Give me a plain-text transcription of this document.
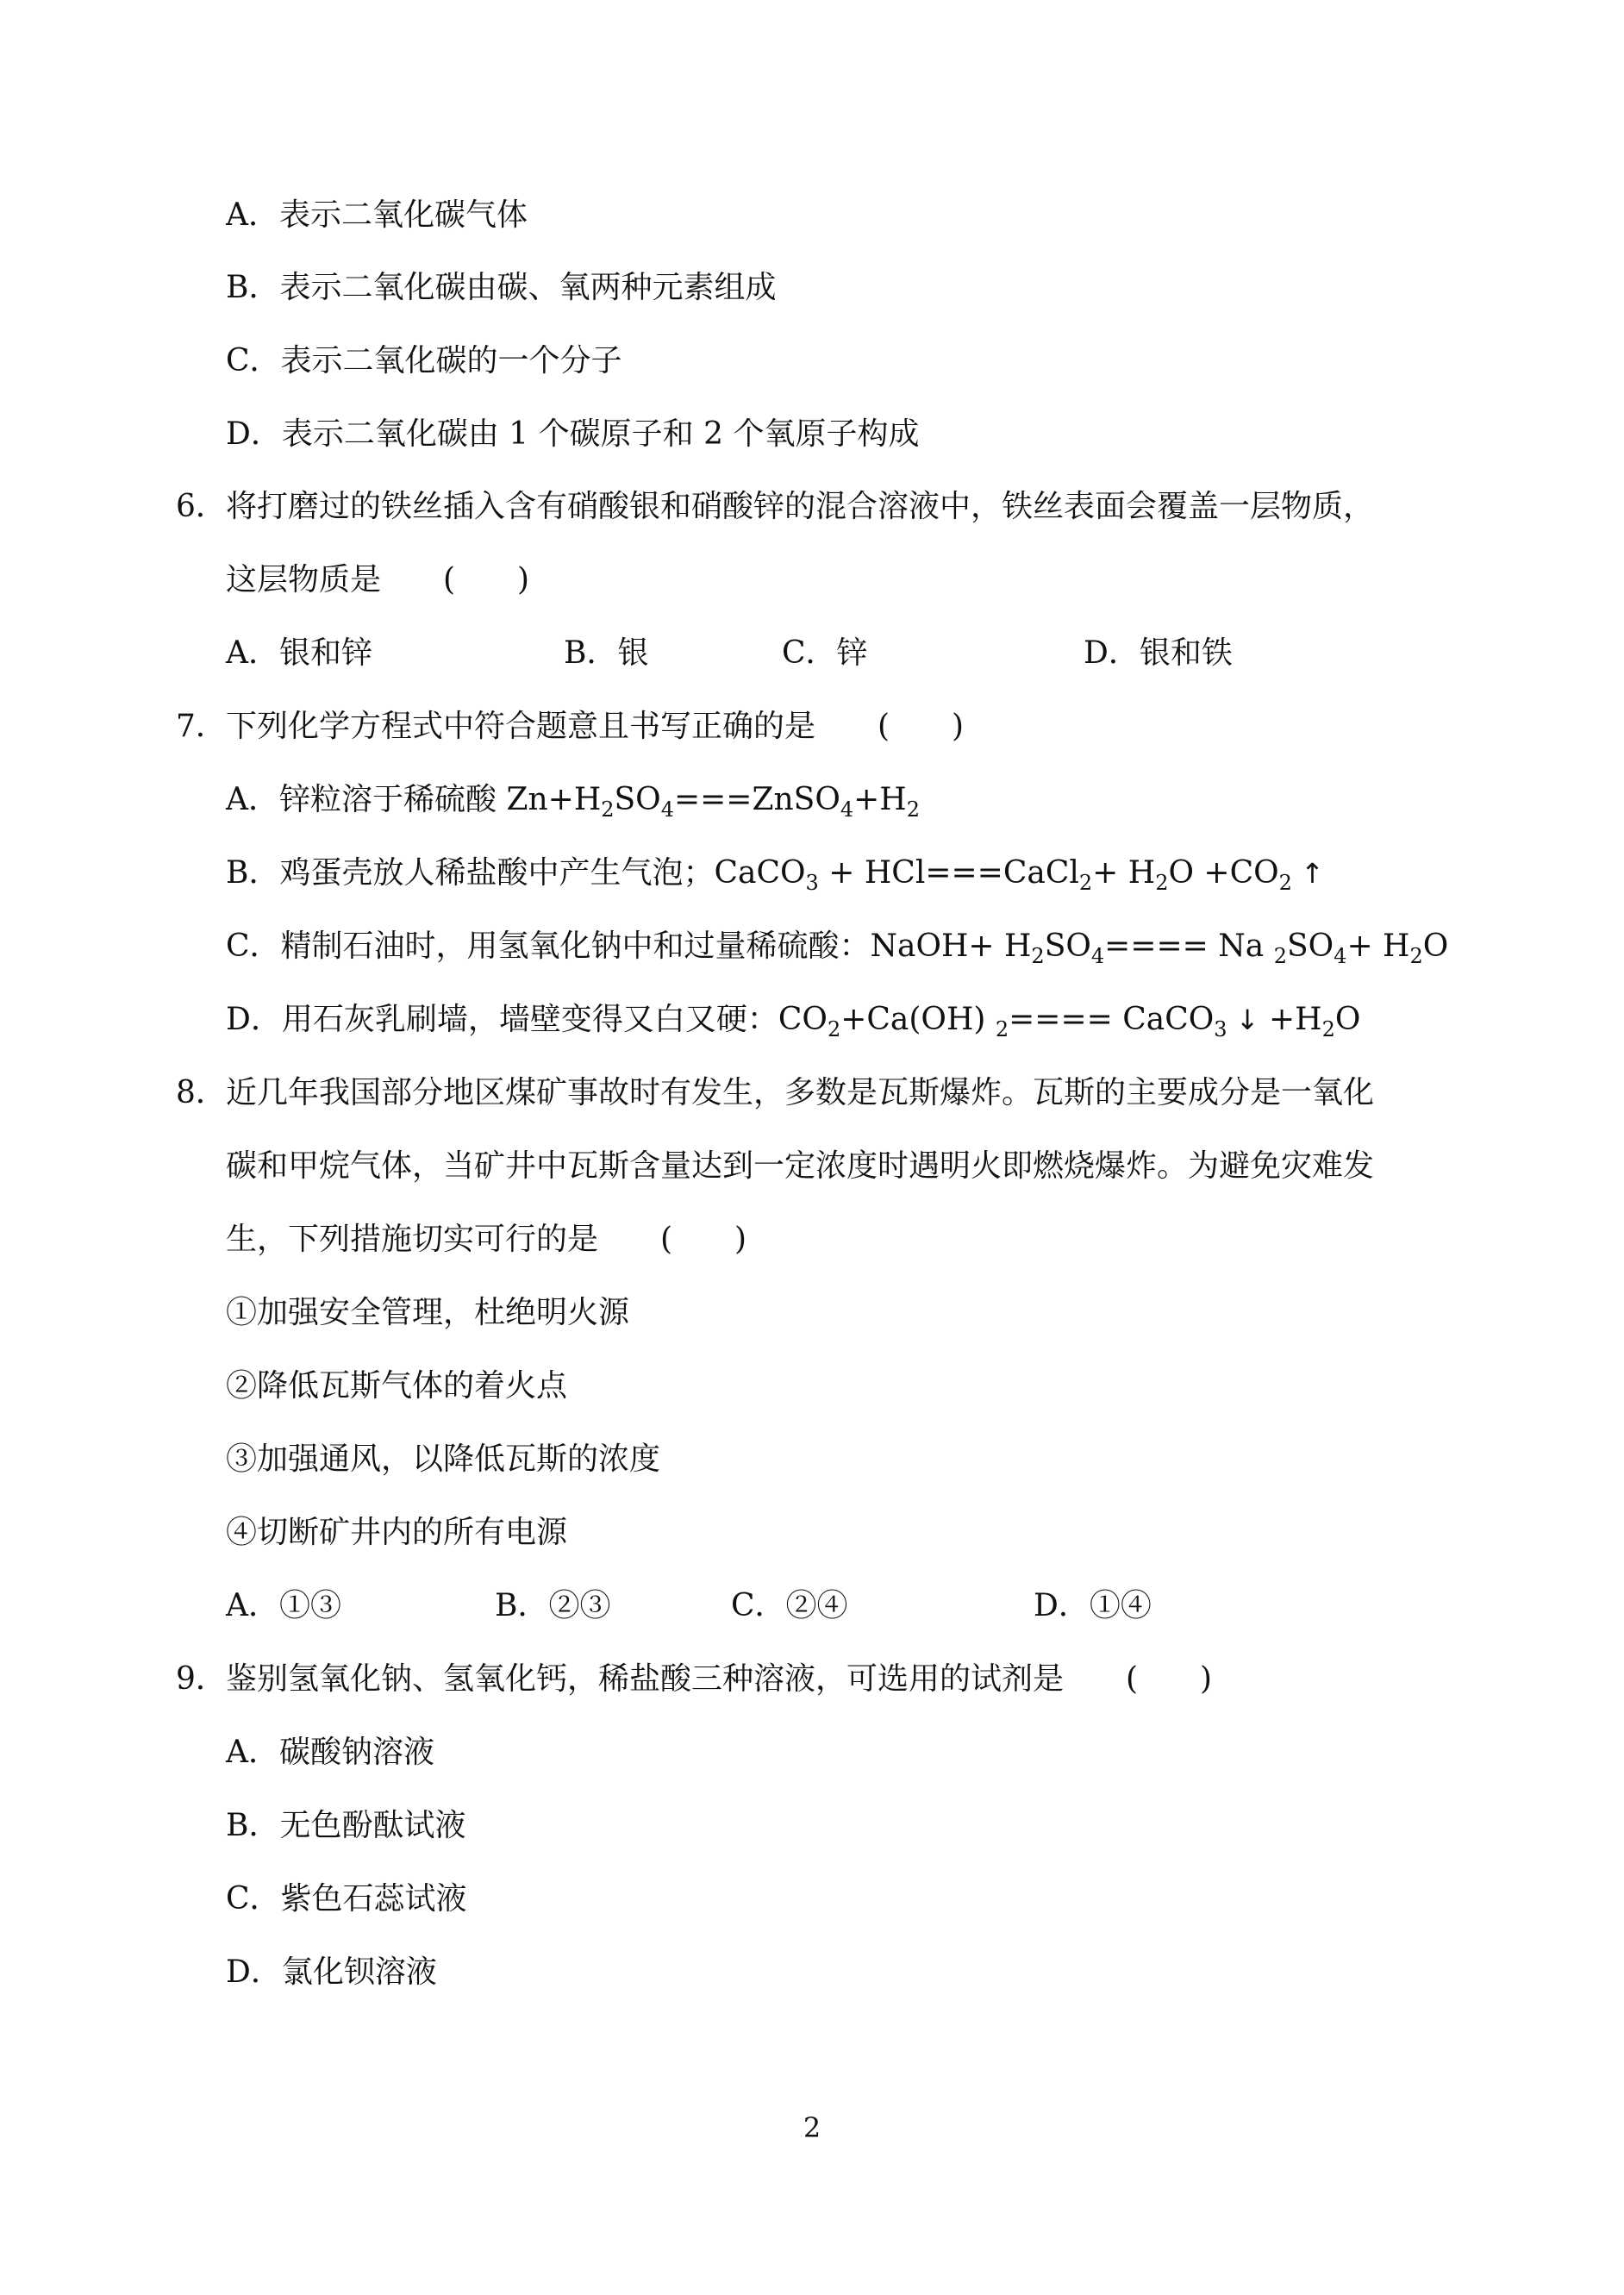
A．表示二氧化碳气体
B．表示二氧化碳由碳、氧两种元素组成
C．表示二氧化碳的一个分子
D．表示二氧化碳由 1 个碳原子和 2 个氧原子构成
6． 将打磨过的铁丝插入含有硝酸银和硝酸锌的混合溶液中，铁丝表面会覆盖一层物质，
这层物质是　　(　　)
A．银和锌	B．银	C．锌	D．银和铁
7． 下列化学方程式中符合题意且书写正确的是　　(　　)
A．锌粒溶于稀硫酸 $Zn+H_2SO_4===ZnSO_4+H_2$
B．鸡蛋壳放人稀盐酸中产生气泡；CaCO$_3$ + HCl===CaCl$_2$+ $H_2O +CO_2$ ↑
C．精制石油时，用氢氧化钠中和过量稀硫酸：NaOH+ $H_2SO_4==== Na$ $_2SO_4+ H_2O$
D．用石灰乳刷墙，墙壁变得又白又硬：$CO_2+Ca(OH)$ $_2$==== CaCO$_3$ ↓ $+H_2O$
8． 近几年我国部分地区煤矿事故时有发生，多数是瓦斯爆炸。瓦斯的主要成分是一氧化
碳和甲烷气体，当矿井中瓦斯含量达到一定浓度时遇明火即燃烧爆炸。为避免灾难发
生，下列措施切实可行的是　　(　　)
①加强安全管理，杜绝明火源
②降低瓦斯气体的着火点
③加强通风，以降低瓦斯的浓度
④切断矿井内的所有电源
A．①③	B．②③	C．②④	D．①④
9． 鉴别氢氧化钠、氢氧化钙，稀盐酸三种溶液，可选用的试剂是　　(　　)
A．碳酸钠溶液
B．无色酚酞试液
C．紫色石蕊试液
D．氯化钡溶液
2
